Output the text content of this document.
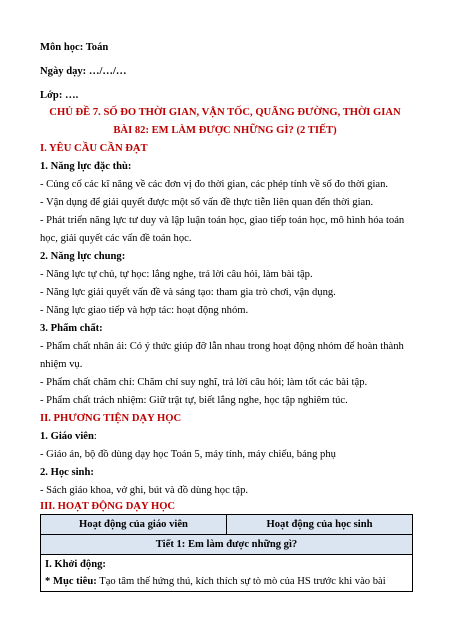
Môn học: Toán
Ngày dạy: …/…/…
Lớp: ….
CHỦ ĐỀ 7. SỐ ĐO THỜI GIAN, VẬN TỐC, QUÃNG ĐƯỜNG, THỜI GIAN
BÀI 82: EM LÀM ĐƯỢC NHỮNG GÌ? (2 TIẾT)
I. YÊU CẦU CẦN ĐẠT
1. Năng lực đặc thù:
- Củng cố các kĩ năng về các đơn vị đo thời gian, các phép tính về số đo thời gian.
- Vận dụng để giải quyết được một số vấn đề thực tiễn liên quan đến thời gian.
- Phát triển năng lực tư duy và lập luận toán học, giao tiếp toán học, mô hình hóa toán
học, giải quyết các vấn đề toán học.
2. Năng lực chung:
- Năng lực tự chủ, tự học: lắng nghe, trả lời câu hỏi, làm bài tập.
- Năng lực giải quyết vấn đề và sáng tạo: tham gia trò chơi, vận dụng.
- Năng lực giao tiếp và hợp tác: hoạt động nhóm.
3. Phẩm chất:
- Phẩm chất nhân ái: Có ý thức giúp đỡ lẫn nhau trong hoạt động nhóm để hoàn thành
nhiệm vụ.
- Phẩm chất chăm chỉ: Chăm chỉ suy nghĩ, trả lời câu hỏi; làm tốt các bài tập.
- Phẩm chất trách nhiệm: Giữ trật tự, biết lắng nghe, học tập nghiêm túc.
II. PHƯƠNG TIỆN DẠY HỌC
1. Giáo viên:
- Giáo án, bộ đồ dùng dạy học Toán 5, máy tính, máy chiếu, bảng phụ
2. Học sinh:
- Sách giáo khoa, vở ghi, bút và đồ dùng học tập.
III. HOẠT ĐỘNG DẠY HỌC
Hoạt động của giáo viên	Hoạt động của học sinh
Tiết 1: Em làm được những gì?

I. Khởi động:
* Mục tiêu: Tạo tâm thế hứng thú, kích thích sự tò mò của HS trước khi vào bài
